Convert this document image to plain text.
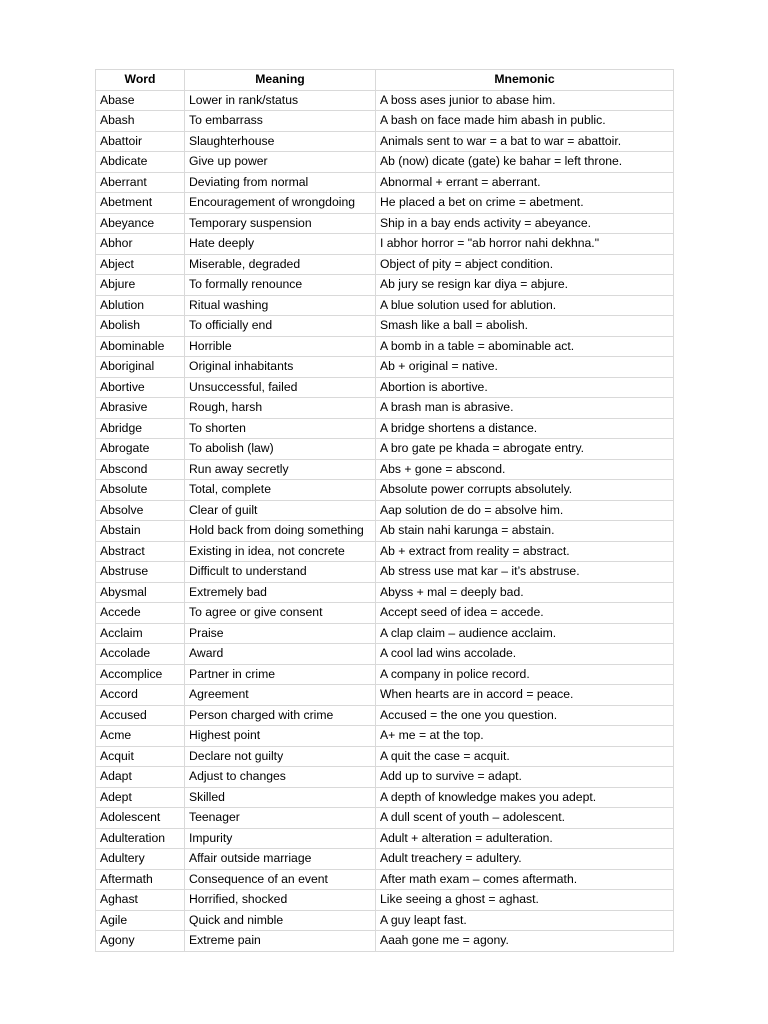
Word	Meaning	Mnemonic
Abase	Lower in rank/status	A boss ases junior to abase him.
Abash	To embarrass	A bash on face made him abash in public.
Abattoir	Slaughterhouse	Animals sent to war = a bat to war = abattoir.
Abdicate	Give up power	Ab (now) dicate (gate) ke bahar = left throne.
Aberrant	Deviating from normal	Abnormal + errant = aberrant.
Abetment	Encouragement of wrongdoing	He placed a bet on crime = abetment.
Abeyance	Temporary suspension	Ship in a bay ends activity = abeyance.
Abhor	Hate deeply	I abhor horror = "ab horror nahi dekhna."
Abject	Miserable, degraded	Object of pity = abject condition.
Abjure	To formally renounce	Ab jury se resign kar diya = abjure.
Ablution	Ritual washing	A blue solution used for ablution.
Abolish	To officially end	Smash like a ball = abolish.
Abominable	Horrible	A bomb in a table = abominable act.
Aboriginal	Original inhabitants	Ab + original = native.
Abortive	Unsuccessful, failed	Abortion is abortive.
Abrasive	Rough, harsh	A brash man is abrasive.
Abridge	To shorten	A bridge shortens a distance.
Abrogate	To abolish (law)	A bro gate pe khada = abrogate entry.
Abscond	Run away secretly	Abs + gone = abscond.
Absolute	Total, complete	Absolute power corrupts absolutely.
Absolve	Clear of guilt	Aap solution de do = absolve him.
Abstain	Hold back from doing something	Ab stain nahi karunga = abstain.
Abstract	Existing in idea, not concrete	Ab + extract from reality = abstract.
Abstruse	Difficult to understand	Ab stress use mat kar – it’s abstruse.
Abysmal	Extremely bad	Abyss + mal = deeply bad.
Accede	To agree or give consent	Accept seed of idea = accede.
Acclaim	Praise	A clap claim – audience acclaim.
Accolade	Award	A cool lad wins accolade.
Accomplice	Partner in crime	A company in police record.
Accord	Agreement	When hearts are in accord = peace.
Accused	Person charged with crime	Accused = the one you question.
Acme	Highest point	A+ me = at the top.
Acquit	Declare not guilty	A quit the case = acquit.
Adapt	Adjust to changes	Add up to survive = adapt.
Adept	Skilled	A depth of knowledge makes you adept.
Adolescent	Teenager	A dull scent of youth – adolescent.
Adulteration	Impurity	Adult + alteration = adulteration.
Adultery	Affair outside marriage	Adult treachery = adultery.
Aftermath	Consequence of an event	After math exam – comes aftermath.
Aghast	Horrified, shocked	Like seeing a ghost = aghast.
Agile	Quick and nimble	A guy leapt fast.
Agony	Extreme pain	Aaah gone me = agony.
